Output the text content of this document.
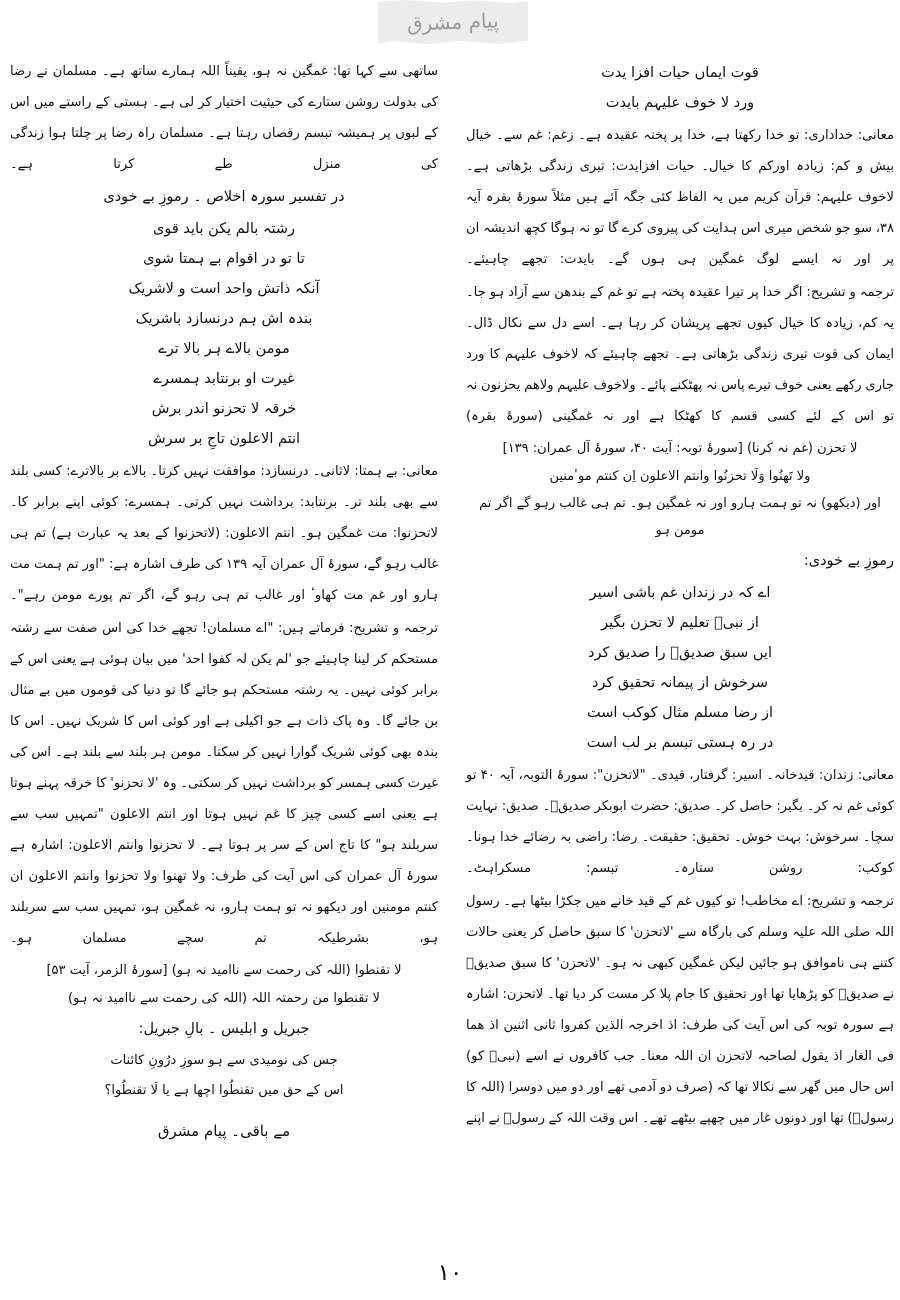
پیام مشرق
قوت ایماں حیات افزا یدت
ورد لا خوف علیہم بایدت

معانی: خداداری: تو خدا رکھتا ہے، خدا پر پختہ عقیدہ ہے۔ زغم: غم سے۔ خیال بیش و کم: زیادہ اورکم کا خیال۔ حیات افزایدت: تیری زندگی بڑھاتی ہے۔ لاخوف علیہم: قرآن کریم میں یہ الفاظ کئی جگہ آئے ہیں مثلاً سورۂ بقرہ آیہ ۳۸، سو جو شخص میری اس ہدایت کی پیروی کرے گا تو نہ ہوگا کچھ اندیشہ ان پر اور نہ ایسے لوگ غمگین ہی ہوں گے۔ بایدت: تجھے چاہیئے۔

ترجمہ و تشریح: اگر خدا پر تیرا عقیدہ پختہ ہے تو غم کے بندھن سے آزاد ہو جا۔ یہ کم، زیادہ کا خیال کیوں تجھے پریشان کر رہا ہے۔ اسے دل سے نکال ڈال۔ ایمان کی قوت تیری زندگی بڑھاتی ہے۔ تجھے چاہیئے کہ لاخوف علیہم کا ورد جاری رکھے یعنی خوف تیرے پاس نہ پھٹکنے پائے۔ ولاخوف علیہم ولاھم یحزنون نہ تو اس کے لئے کسی قسم کا کھٹکا ہے اور نہ غمگینی (سورۂ بقرہ)

لا تحزن (غم نہ کرنا) [سورۂ توبہ: آیت ۴۰، سورۂ آل عمران: ۱۳۹]
ولا تَھنُوا وَلَا تحزنُوا وانتم الاعلون اِن کنتم موٴمنین
اور (دیکھو) نہ تو ہمت ہارو اور نہ غمگین ہو۔ تم ہی غالب رہو گے اگر تم مومن ہو
رموزِ بے خودی:
اے کہ در زندان غم باشی اسیر
از نبیؐ تعلیم لا تحزن بگیر
ایں سبق صدیقؓ را صدیق کرد
سرخوش از پیمانہ تحقیق کرد
از رضا مسلم مثال کوکب است
در رہ ہستی تبسم بر لب است

معانی: زندان: قیدخانہ۔ اسیر: گرفتار، قیدی۔ "لاتحزن": سورۂ التوبہ، آیہ ۴۰ تو کوئی غم نہ کر۔ بگیر: حاصل کر۔ صدیق: حضرت ابوبکر صدیقؓ۔ صدیق: نہایت سچا۔ سرخوش: بہت خوش۔ تحقیق: حقیقت۔ رضا: راضی بہ رضائے خدا ہونا۔ کوکب: روشن ستارہ۔ تبسم: مسکراہٹ۔

ترجمہ و تشریح: اے مخاطب! تو کیوں غم کے قید خانے میں جکڑا بیٹھا ہے۔ رسول اللہ صلی اللہ علیہ وسلم کی بارگاہ سے 'لاتحزن' کا سبق حاصل کر یعنی حالات کتنے ہی ناموافق ہو جائیں لیکن غمگین کبھی نہ ہو۔ 'لاتحزن' کا سبق صدیقؓ نے صدیقؓ کو پڑھایا تھا اور تحقیق کا جام پلا کر مست کر دیا تھا۔ لاتحزن: اشارہ ہے سورہ توبہ کی اس آیت کی طرف: اذ اخرجہ الذین کفروا ثانی اثنین اذ ھما فی الغار اذ یقول لصاحبہ لاتحزن ان اللہ معنا۔ جب کافروں نے اسے (نبیؐ کو) اس حال میں گھر سے نکالا تھا کہ (صرف دو آدمی تھے اور دو میں دوسرا (اللہ کا رسولؐ) تھا اور دونوں غار میں چھپے بیٹھے تھے۔ اس وقت اللہ کے رسولؐ نے اپنے

ساتھی سے کہا تھا: غمگین نہ ہو، یقیناً اللہ ہمارے ساتھ ہے۔ مسلمان نے رضا کی بدولت روشن ستارے کی حیثیت اختیار کر لی ہے۔ ہستی کے راستے میں اس کے لبوں پر ہمیشہ تبسم رقصاں رہتا ہے۔ مسلمان راہ رضا پر چلتا ہوا زندگی کی منزل طے کرتا ہے۔

در تفسیر سورہ اخلاص ۔ رموزِ بے خودی
رشتہ بالم یکن باید قوی
تا تو در اقوام بے ہمتا شوی
آنکہ ذاتش واحد است و لاشریک
بندہ اش ہم درنسازد باشریک
مومن بالاے ہر بالا ترے
غیرت او برنتابد ہمسرے
خرقہ لا تحزنو اندر برش
انتم الاعلون تاجِ بر سرش

معانی: بے ہمتا: لاثانی۔ درنسازد: موافقت نہیں کرتا۔ بالاے بر بالاترے: کسی بلند سے بھی بلند تر۔ برنتابد: برداشت نہیں کرتی۔ ہمسرے: کوئی اپنے برابر کا۔ لاتحزنوا: مت غمگین ہو۔ انتم الاعلون: (لاتحزنوا کے بعد یہ عبارت ہے) تم ہی غالب رہو گے، سورۂ آل عمران آیہ ۱۳۹ کی طرف اشارہ ہے: "اور تم ہمت مت ہارو اور غم مت کھاوٴ اور غالب تم ہی رہو گے، اگر تم پورے مومن رہے"۔

ترجمہ و تشریح: فرماتے ہیں: "اے مسلمان! تجھے خدا کی اس صفت سے رشتہ مستحکم کر لینا چاہیئے جو 'لم یکن لہ کفوا احد' میں بیان ہوئی ہے یعنی اس کے برابر کوئی نہیں۔ یہ رشتہ مستحکم ہو جائے گا تو دنیا کی قوموں میں بے مثال بن جائے گا۔ وہ پاک ذات ہے جو اکیلی ہے اور کوئی اس کا شریک نہیں۔ اس کا بندہ بھی کوئی شریک گوارا نہیں کر سکتا۔ مومن ہر بلند سے بلند ہے۔ اس کی غیرت کسی ہمسر کو برداشت نہیں کر سکتی۔ وہ 'لا تحزنو' کا خرقہ پہنے ہوتا ہے یعنی اسے کسی چیز کا غم نہیں ہوتا اور انتم الاعلون "تمہیں سب سے سربلند ہو" کا تاج اس کے سر پر ہوتا ہے۔ لا تحزنوا وانتم الاعلون: اشارہ ہے سورۂ آل عمران کی اس آیت کی طرف: ولا تھنوا ولا تحزنوا وانتم الاعلون ان کنتم مومنین اور دیکھو نہ تو ہمت ہارو، نہ غمگین ہو، تمہیں سب سے سربلند ہو، بشرطیکہ تم سچے مسلمان ہو۔

لا تقنطوا (اللہ کی رحمت سے ناامید نہ ہو) [سورۂ الزمر، آیت ۵۳]
لا تقنطوا من رحمتہ اللہ (اللہ کی رحمت سے ناامید نہ ہو)
جبریل و ابلیس ۔ بالِ جبریل:
جس کی نومیدی سے ہو سوزِ درُونِ کائنات
اس کے حق میں تقنطُوا اچھا ہے یا لَا تقنطُوا؟
مے باقی۔ پیام مشرق
١٠
